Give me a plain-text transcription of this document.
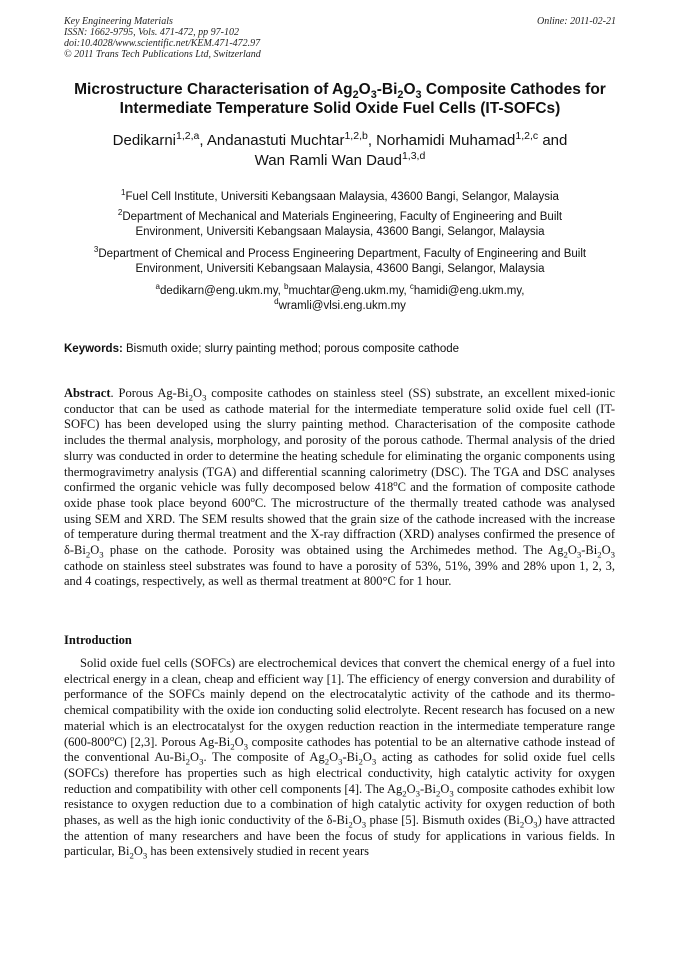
Key Engineering Materials
ISSN: 1662-9795, Vols. 471-472, pp 97-102
doi:10.4028/www.scientific.net/KEM.471-472.97
© 2011 Trans Tech Publications Ltd, Switzerland
Online: 2011-02-21
Microstructure Characterisation of $Ag_2O_3-Bi_2O_3$ Composite Cathodes for
Intermediate Temperature Solid Oxide Fuel Cells (IT-SOFCs)
Dedikarni$^{1,2,a}$, Andanastuti Muchtar$^{1,2,b}$, Norhamidi Muhamad$^{1,2,c}$ and
Wan Ramli Wan Daud$^{1,3,d}$
$^1$Fuel Cell Institute, Universiti Kebangsaan Malaysia, 43600 Bangi, Selangor, Malaysia
$^2$Department of Mechanical and Materials Engineering, Faculty of Engineering and Built
Environment, Universiti Kebangsaan Malaysia, 43600 Bangi, Selangor, Malaysia
$^3$Department of Chemical and Process Engineering Department, Faculty of Engineering and Built
Environment, Universiti Kebangsaan Malaysia, 43600 Bangi, Selangor, Malaysia
$^a$dedikarn@eng.ukm.my, $^b$muchtar@eng.ukm.my, $^c$hamidi@eng.ukm.my,
$^d$wramli@vlsi.eng.ukm.my
Keywords: Bismuth oxide; slurry painting method; porous composite cathode
Abstract. Porous $Ag-Bi_2O_3$ composite cathodes on stainless steel (SS) substrate, an excellent mixed-ionic conductor that can be used as cathode material for the intermediate temperature solid oxide fuel cell (IT-SOFC) has been developed using the slurry painting method. Characterisation of the composite cathode includes the thermal analysis, morphology, and porosity of the porous cathode. Thermal analysis of the dried slurry was conducted in order to determine the heating schedule for eliminating the organic components using thermogravimetry analysis (TGA) and differential scanning calorimetry (DSC). The TGA and DSC analyses confirmed the organic vehicle was fully decomposed below 418$^o$C and the formation of composite cathode oxide phase took place beyond 600$^o$C. The microstructure of the thermally treated cathode was analysed using SEM and XRD. The SEM results showed that the grain size of the cathode increased with the increase of temperature during thermal treatment and the X-ray diffraction (XRD) analyses confirmed the presence of $\delta-Bi_2O_3$ phase on the cathode. Porosity was obtained using the Archimedes method. The $Ag_2O_3-Bi_2O_3$ cathode on stainless steel substrates was found to have a porosity of 53%, 51%, 39% and 28% upon 1, 2, 3, and 4 coatings, respectively, as well as thermal treatment at 800°C for 1 hour.
Introduction
Solid oxide fuel cells (SOFCs) are electrochemical devices that convert the chemical energy of a fuel into electrical energy in a clean, cheap and efficient way [1]. The efficiency of energy conversion and durability of performance of the SOFCs mainly depend on the electrocatalytic activity of the cathode and its thermo-chemical compatibility with the oxide ion conducting solid electrolyte. Recent research has focused on a new material which is an electrocatalyst for the oxygen reduction reaction in the intermediate temperature range (600-800$^o$C) [2,3]. Porous $Ag-Bi_2O_3$ composite cathodes has potential to be an alternative cathode instead of the conventional $Au-Bi_2O_3$. The composite of $Ag_2O_3-Bi_2O_3$ acting as cathodes for solid oxide fuel cells (SOFCs) therefore has properties such as high electrical conductivity, high catalytic activity for oxygen reduction and compatibility with other cell components [4]. The $Ag_2O_3-Bi_2O_3$ composite cathodes exhibit low resistance to oxygen reduction due to a combination of high catalytic activity for oxygen reduction of both phases, as well as the high ionic conductivity of the $\delta-Bi_2O_3$ phase [5]. Bismuth oxides $(Bi_2O_3)$ have attracted the attention of many researchers and have been the focus of study for applications in various fields. In particular, $Bi_2O_3$ has been extensively studied in recent years
